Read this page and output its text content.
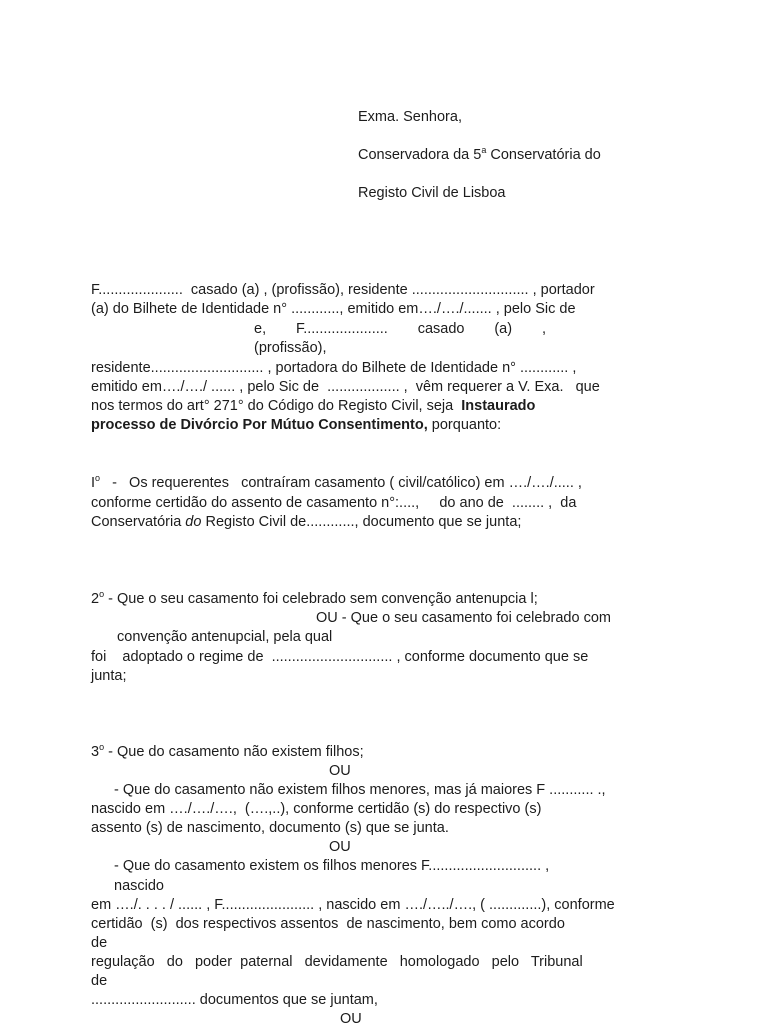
Exma. Senhora,
Conservadora da 5$^a$ Conservatória do
Registo Civil de Lisboa
F.....................  casado (a) , (profissão), residente ............................. , portador
(a) do Bilhete de Identidade n° ............, emitido em…./…./....... , pelo Sic de
e, F..................... casado (a) ,
(profissão),
residente............................ , portadora do Bilhete de Identidade n° ............ ,
emitido em…./…./ ...... , pelo Sic de  .................. ,  vêm requerer a V. Exa.   que
nos termos do art° 271° do Código do Registo Civil, seja  Instaurado
processo de Divórcio Por Mútuo Consentimento, porquanto:
$I^o$   -   Os requerentes   contraíram casamento ( civil/católico) em …./…./..... ,
conforme certidão do assento de casamento n°:....,     do ano de  ........ ,  da
Conservatória do Registo Civil de............, documento que se junta;
2$^o$ - Que o seu casamento foi celebrado sem convenção antenupcia l;
OU - Que o seu casamento foi celebrado com
convenção antenupcial, pela qual
foi    adoptado o regime de  .............................. , conforme documento que se
junta;
3$^o$ - Que do casamento não existem filhos;
OU
- Que do casamento não existem filhos menores, mas já maiores F ........... .,
nascido em …./…./….,  (….,..), conforme certidão (s) do respectivo (s)
assento (s) de nascimento, documento (s) que se junta.
OU
- Que do casamento existem os filhos menores F............................ ,
nascido
em …./. . . . / ...... , F....................... , nascido em …./…../…., ( .............), conforme
certidão  (s)  dos respectivos assentos  de nascimento, bem como acordo
de
regulação   do   poder  paternal   devidamente   homologado   pelo   Tribunal
de
.......................... documentos que se juntam,
OU
